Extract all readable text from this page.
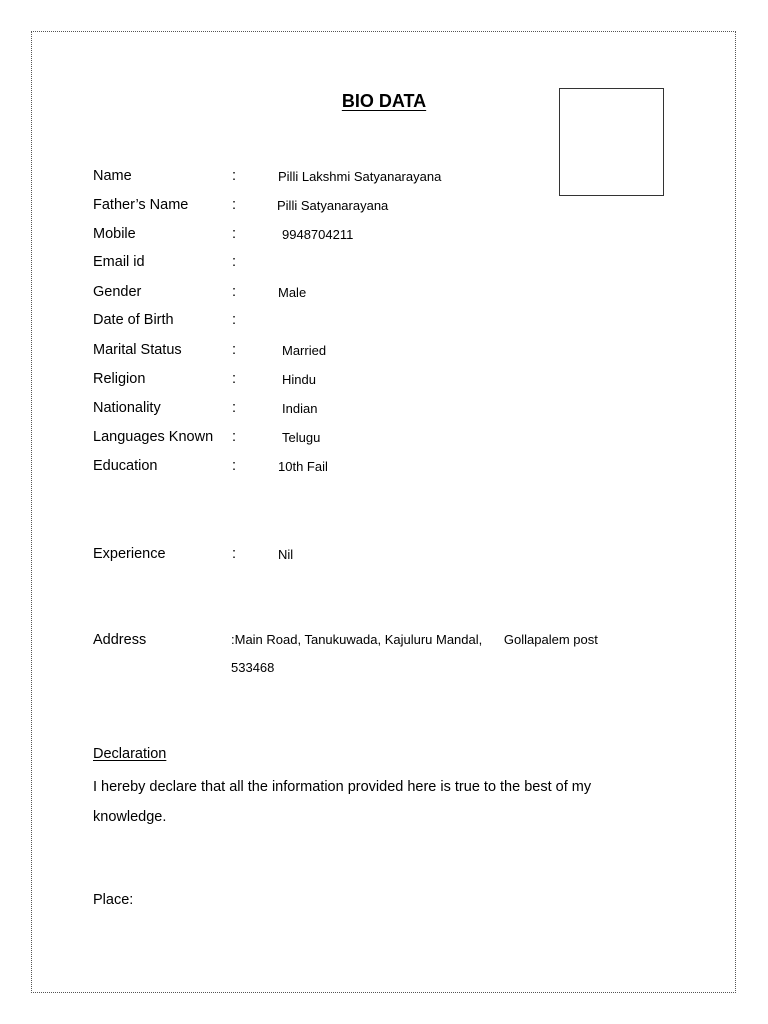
BIO DATA
Name	:	Pilli Lakshmi Satyanarayana
Father’s Name	:	Pilli Satyanarayana
Mobile	:	9948704211
Email id	:
Gender	:	Male
Date of Birth	:
Marital Status	:	Married
Religion	:	Hindu
Nationality	:	Indian
Languages Known :	Telugu
Education	:	10th Fail
Experience	:	Nil
Address	:Main Road, Tanukuwada, Kajuluru Mandal,      Gollapalem post
533468
Declaration
I hereby declare that all the information provided here is true to the best of my knowledge.
Place:
